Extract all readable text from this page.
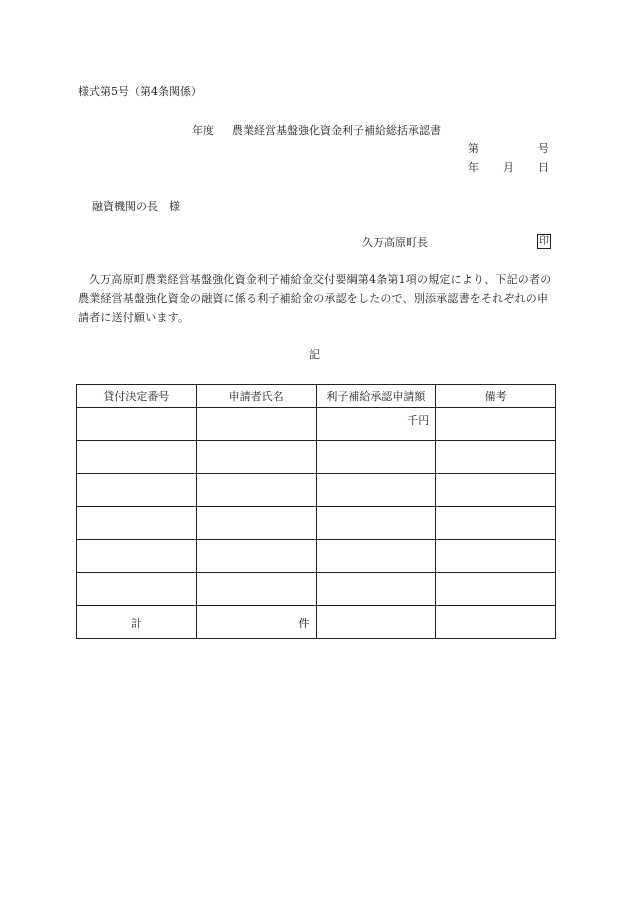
様式第5号（第4条関係）
年度 農業経営基盤強化資金利子補給総括承認書
第	号
年 月 日
融資機関の長　様
久万高原町長	印
久万高原町農業経営基盤強化資金利子補給金交付要綱第4条第1項の規定により、下記の者の農業経営基盤強化資金の融資に係る利子補給金の承認をしたので、別添承認書をそれぞれの申請者に送付願います。
記
貸付決定番号	申請者氏名	利子補給承認申請額	備考

		千円	

計	件		
